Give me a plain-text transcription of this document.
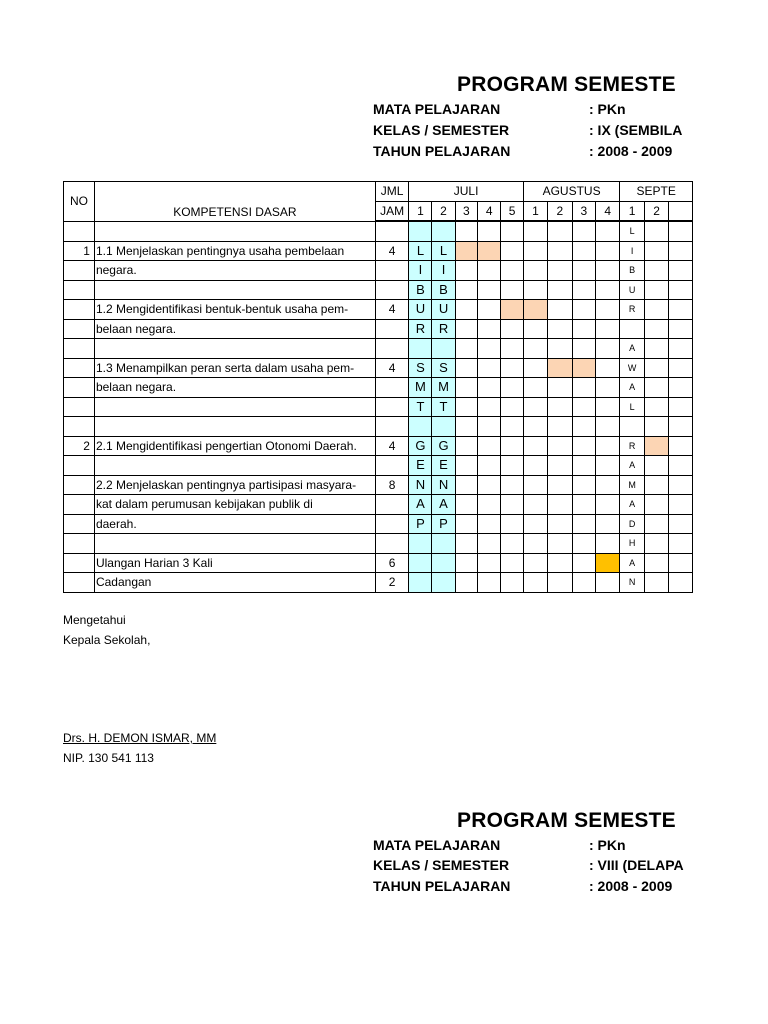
PROGRAM SEMESTE
MATA PELAJARAN	: PKn
KELAS / SEMESTER	: IX (SEMBILA
TAHUN PELAJARAN	: 2008 - 2009
NO	KOMPETENSI DASAR	JML	JULI					AGUSTUS				SEPTE		
		JAM	1	2	3	4	5	1	2	3	4	1	2	
												L		
1	1.1 Menjelaskan pentingnya usaha pembelaan	4	L	L								I		
	negara.		I	I								B		
			B	B								U		
	1.2 Mengidentifikasi bentuk-bentuk usaha pem-	4	U	U								R		
	belaan negara.		R	R										
												A		
	1.3 Menampilkan peran serta dalam usaha pem-	4	S	S								W		
	belaan negara.		M	M								A		
			T	T								L		

2	2.1 Mengidentifikasi pengertian Otonomi Daerah.	4	G	G								R		
			E	E								A		
	2.2 Menjelaskan pentingnya partisipasi masyara-	8	N	N								M		
	kat dalam perumusan kebijakan publik di		A	A								A		
	daerah.		P	P								D		
												H		
	Ulangan Harian 3 Kali	6										A		
	Cadangan	2										N		
Mengetahui
Kepala Sekolah,
Drs. H. DEMON ISMAR, MM
NIP. 130 541 113
PROGRAM SEMESTE
MATA PELAJARAN	: PKn
KELAS / SEMESTER	: VIII (DELAPA
TAHUN PELAJARAN	: 2008 - 2009
